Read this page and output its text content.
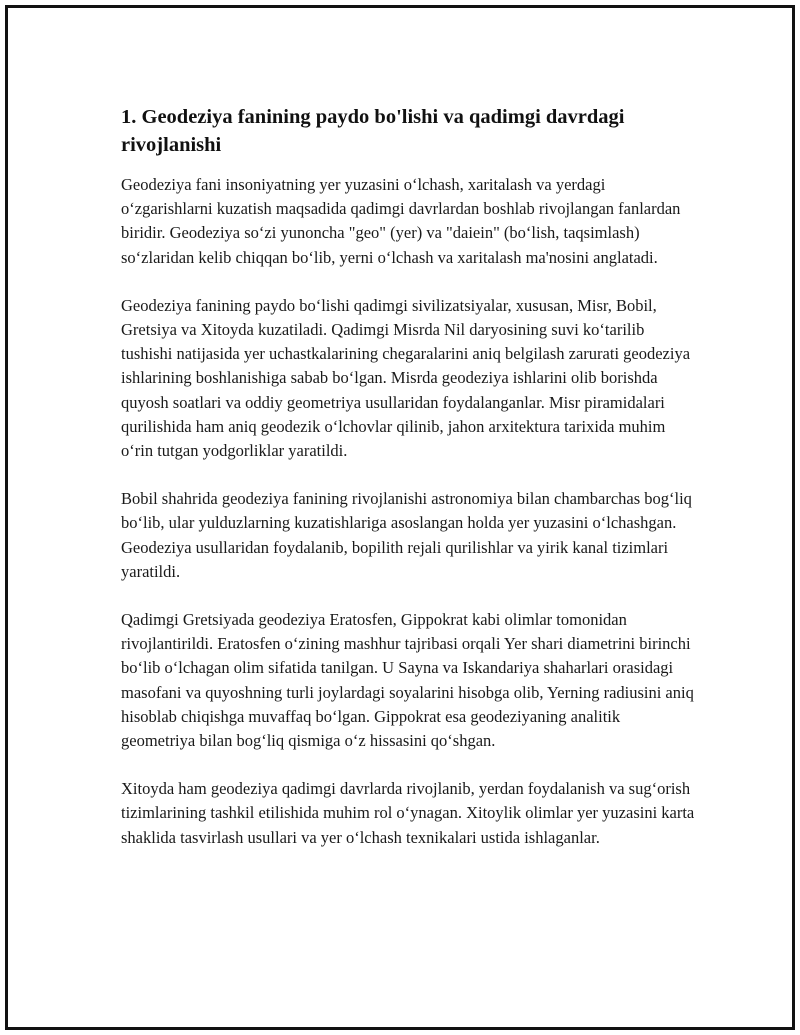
1. Geodeziya fanining paydo bo'lishi va qadimgi davrdagi rivojlanishi

Geodeziya fani insoniyatning yer yuzasini o‘lchash, xaritalash va yerdagi o‘zgarishlarni kuzatish maqsadida qadimgi davrlardan boshlab rivojlangan fanlardan biridir. Geodeziya so‘zi yunoncha "geo" (yer) va "daiein" (bo‘lish, taqsimlash) so‘zlaridan kelib chiqqan bo‘lib, yerni o‘lchash va xaritalash ma'nosini anglatadi.

Geodeziya fanining paydo bo‘lishi qadimgi sivilizatsiyalar, xususan, Misr, Bobil, Gretsiya va Xitoyda kuzatiladi. Qadimgi Misrda Nil daryosining suvi ko‘tarilib tushishi natijasida yer uchastkalarining chegaralarini aniq belgilash zarurati geodeziya ishlarining boshlanishiga sabab bo‘lgan. Misrda geodeziya ishlarini olib borishda quyosh soatlari va oddiy geometriya usullaridan foydalanganlar. Misr piramidalari qurilishida ham aniq geodezik o‘lchovlar qilinib, jahon arxitektura tarixida muhim o‘rin tutgan yodgorliklar yaratildi.

Bobil shahrida geodeziya fanining rivojlanishi astronomiya bilan chambarchas bog‘liq bo‘lib, ular yulduzlarning kuzatishlariga asoslangan holda yer yuzasini o‘lchashgan. Geodeziya usullaridan foydalanib, bopilith rejali qurilishlar va yirik kanal tizimlari yaratildi.

Qadimgi Gretsiyada geodeziya Eratosfen, Gippokrat kabi olimlar tomonidan rivojlantirildi. Eratosfen o‘zining mashhur tajribasi orqali Yer shari diametrini birinchi bo‘lib o‘lchagan olim sifatida tanilgan. U Sayna va Iskandariya shaharlari orasidagi masofani va quyoshning turli joylardagi soyalarini hisobga olib, Yerning radiusini aniq hisoblab chiqishga muvaffaq bo‘lgan. Gippokrat esa geodeziyaning analitik geometriya bilan bog‘liq qismiga o‘z hissasini qo‘shgan.

Xitoyda ham geodeziya qadimgi davrlarda rivojlanib, yerdan foydalanish va sug‘orish tizimlarining tashkil etilishida muhim rol o‘ynagan. Xitoylik olimlar yer yuzasini karta shaklida tasvirlash usullari va yer o‘lchash texnikalari ustida ishlaganlar.
